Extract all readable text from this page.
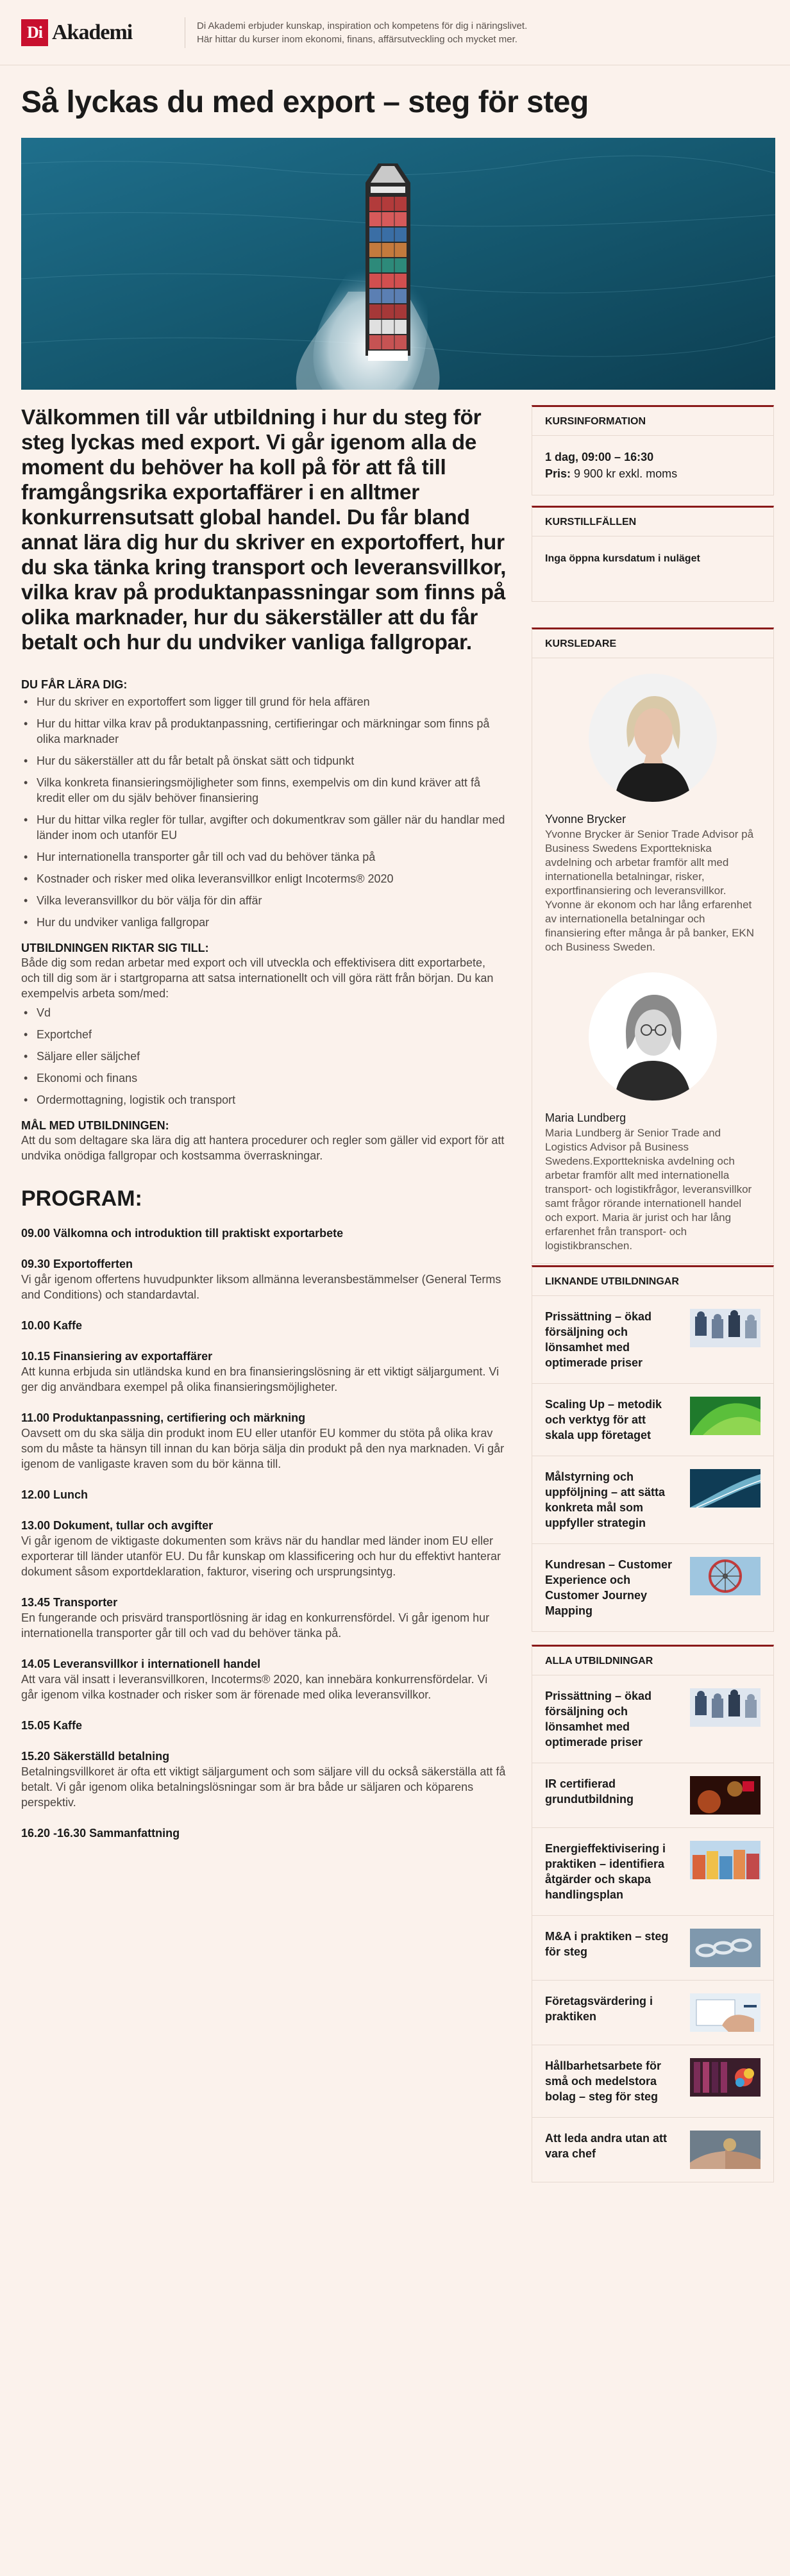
Di Akademi	Di Akademi erbjuder kunskap, inspiration och kompetens för dig i näringslivet.
Här hittar du kurser inom ekonomi, finans, affärsutveckling och mycket mer.
Så lyckas du med export – steg för steg

Välkommen till vår utbildning i hur du steg för steg lyckas med export. Vi går igenom alla de moment du behöver ha koll på för att få till framgångsrika exportaffärer i en alltmer konkurrensutsatt global handel. Du får bland annat lära dig hur du skriver en exportoffert, hur du ska tänka kring transport och leveransvillkor, vilka krav på produktanpassningar som finns på olika marknader, hur du säkerställer att du får betalt och hur du undviker vanliga fallgropar.

DU FÅR LÄRA DIG:
• Hur du skriver en exportoffert som ligger till grund för hela affären
• Hur du hittar vilka krav på produktanpassning, certifieringar och märkningar som finns på olika marknader
• Hur du säkerställer att du får betalt på önskat sätt och tidpunkt
• Vilka konkreta finansieringsmöjligheter som finns, exempelvis om din kund kräver att få kredit eller om du själv behöver finansiering
• Hur du hittar vilka regler för tullar, avgifter och dokumentkrav som gäller när du handlar med länder inom och utanför EU
• Hur internationella transporter går till och vad du behöver tänka på
• Kostnader och risker med olika leveransvillkor enligt Incoterms® 2020
• Vilka leveransvillkor du bör välja för din affär
• Hur du undviker vanliga fallgropar
UTBILDNINGEN RIKTAR SIG TILL:

Både dig som redan arbetar med export och vill utveckla och effektivisera ditt exportarbete, och till dig som är i startgroparna att satsa internationellt och vill göra rätt från början. Du kan exempelvis arbeta som/med:

• Vd
• Exportchef
• Säljare eller säljchef
• Ekonomi och finans
• Ordermottagning, logistik och transport
MÅL MED UTBILDNINGEN:

Att du som deltagare ska lära dig att hantera procedurer och regler som gäller vid export för att undvika onödiga fallgropar och kostsamma överraskningar.

PROGRAM:
09.00 Välkomna och introduktion till praktiskt exportarbete
09.30 Exportofferten

Vi går igenom offertens huvudpunkter liksom allmänna leveransbestämmelser (General Terms and Conditions) och standardavtal.

10.00 Kaffe
10.15 Finansiering av exportaffärer

Att kunna erbjuda sin utländska kund en bra finansieringslösning är ett viktigt säljargument. Vi ger dig användbara exempel på olika finansieringsmöjligheter.

11.00 Produktanpassning, certifiering och märkning

Oavsett om du ska sälja din produkt inom EU eller utanför EU kommer du stöta på olika krav som du måste ta hänsyn till innan du kan börja sälja din produkt på den nya marknaden. Vi går igenom de vanligaste kraven som du bör känna till.

12.00 Lunch
13.00 Dokument, tullar och avgifter

Vi går igenom de viktigaste dokumenten som krävs när du handlar med länder inom EU eller exporterar till länder utanför EU. Du får kunskap om klassificering och hur du effektivt hanterar dokument såsom exportdeklaration, fakturor, visering och ursprungsintyg.

13.45 Transporter

En fungerande och prisvärd transportlösning är idag en konkurrensfördel. Vi går igenom hur internationella transporter går till och vad du behöver tänka på.

14.05 Leveransvillkor i internationell handel

Att vara väl insatt i leveransvillkoren, Incoterms® 2020, kan innebära konkurrensfördelar. Vi går igenom vilka kostnader och risker som är förenade med olika leveransvillkor.

15.05 Kaffe
15.20 Säkerställd betalning

Betalningsvillkoret är ofta ett viktigt säljargument och som säljare vill du också säkerställa att få betalt. Vi går igenom olika betalningslösningar som är bra både ur säljaren och köparens perspektiv.

16.20 -16.30 Sammanfattning
KURSINFORMATION
1 dag, 09:00 – 16:30
Pris: 9 900 kr exkl. moms
KURSTILLFÄLLEN
Inga öppna kursdatum i nuläget
KURSLEDARE
Yvonne Brycker

Yvonne Brycker är Senior Trade Advisor på Business Swedens Exporttekniska avdelning och arbetar framför allt med internationella betalningar, risker, exportfinansiering och leveransvillkor. Yvonne är ekonom och har lång erfarenhet av internationella betalningar och finansiering efter många år på banker, EKN och Business Sweden.

Maria Lundberg

Maria Lundberg är Senior Trade and Logistics Advisor på Business Swedens.Exporttekniska avdelning och arbetar framför allt med internationella transport- och logistikfrågor, leveransvillkor samt frågor rörande internationell handel och export. Maria är jurist och har lång erfarenhet från transport- och logistikbranschen.

LIKNANDE UTBILDNINGAR
Prissättning – ökad försäljning och lönsamhet med optimerade priser
Scaling Up – metodik och verktyg för att skala upp företaget
Målstyrning och uppföljning – att sätta konkreta mål som uppfyller strategin
Kundresan – Customer Experience och Customer Journey Mapping
ALLA UTBILDNINGAR
Prissättning – ökad försäljning och lönsamhet med optimerade priser
IR certifierad grundutbildning
Energieffektivisering i praktiken – identifiera åtgärder och skapa handlingsplan
M&A i praktiken – steg för steg
Företagsvärdering i praktiken
Hållbarhetsarbete för små och medelstora bolag – steg för steg
Att leda andra utan att vara chef
